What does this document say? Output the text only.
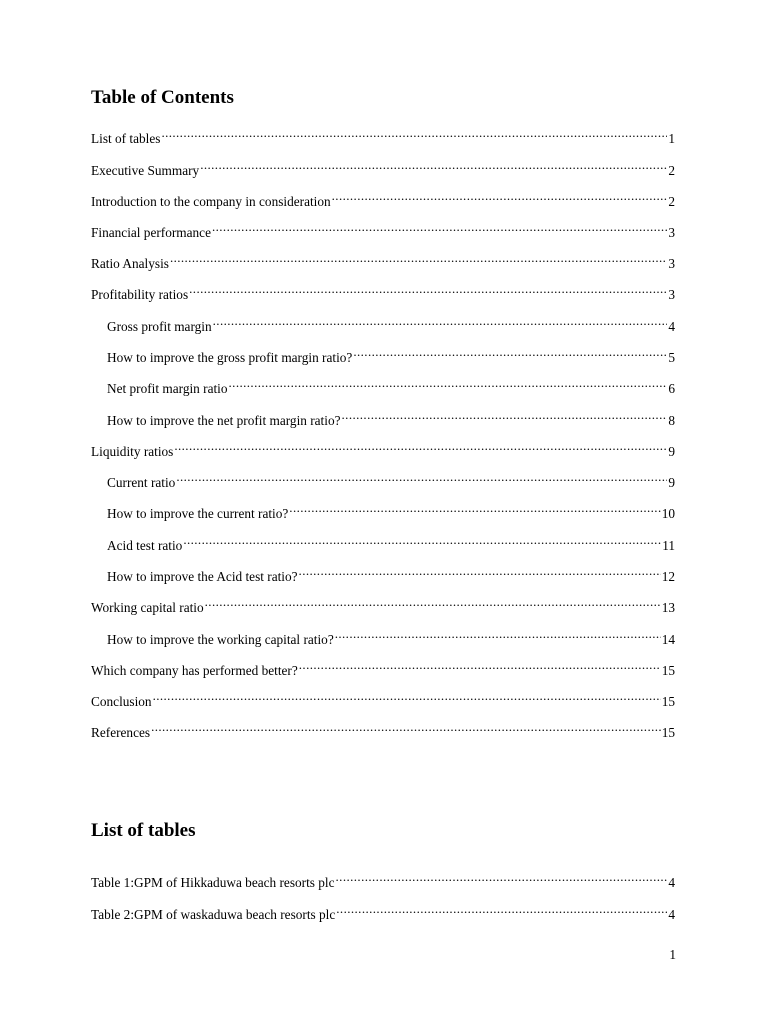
Table of Contents
List of tables .....	1
Executive Summary .....	2
Introduction to the company in consideration .....	2
Financial performance .....	3
Ratio Analysis .....	3
Profitability ratios .....	3
Gross profit margin .....	4
How to improve the gross profit margin ratio? .....	5
Net profit margin ratio .....	6
How to improve the net profit margin ratio? .....	8
Liquidity ratios .....	9
Current ratio .....	9
How to improve the current ratio? .....	10
Acid test ratio .....	11
How to improve the Acid test ratio? .....	12
Working capital ratio .....	13
How to improve the working capital ratio? .....	14
Which company has performed better? .....	15
Conclusion .....	15
References .....	15
List of tables
Table 1:GPM of Hikkaduwa beach resorts plc .....	4
Table 2:GPM of waskaduwa beach resorts plc .....	4
1
